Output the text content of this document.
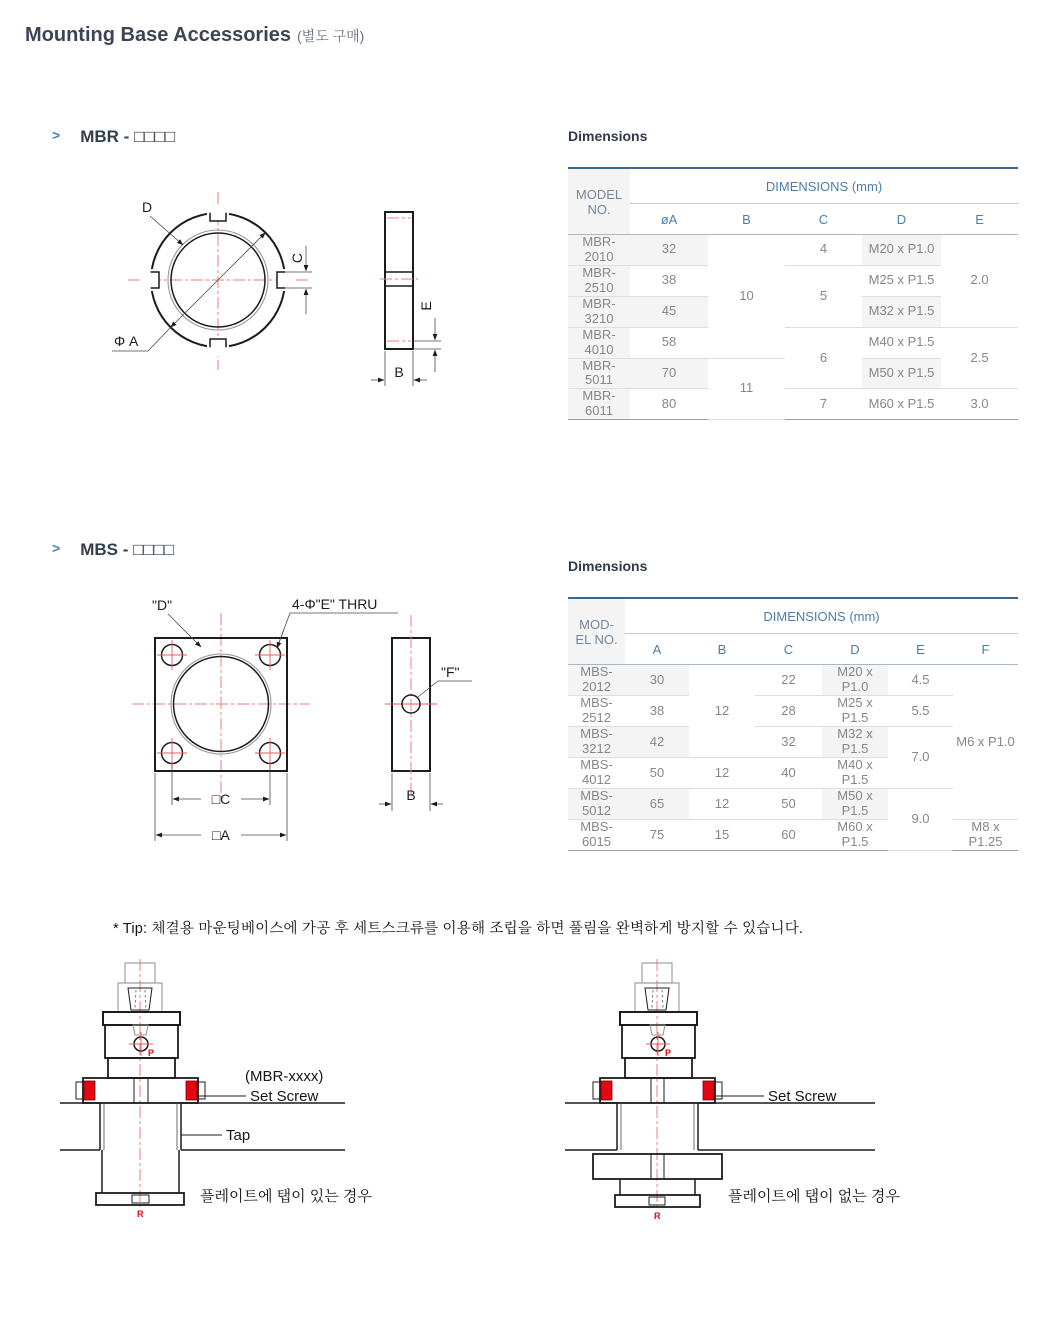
Mounting Base Accessories (별도 구매)
> MBR - □□□□
D
Φ A
C
E
B
Dimensions
MODEL NO.	DIMENSIONS (mm)				
	øA	B	C	D	E
MBR-2010	32	10	4	M20 x P1.0	2.0
MBR-2510	38		5	M25 x P1.5	
MBR-3210	45			M32 x P1.5	
MBR-4010	58		6	M40 x P1.5	2.5
MBR-5011	70	11		M50 x P1.5	
MBR-6011	80		7	M60 x P1.5	3.0
> MBS - □□□□
"D"	4-Φ"E" THRU
□C
□A
"F"
B
Dimensions
MOD- EL NO.	DIMENSIONS (mm)					
	A	B	C	D	E	F
MBS-2012	30	12	22	M20 x P1.0	4.5	M6 x P1.0
MBS-2512	38		28	M25 x P1.5	5.5	
MBS-3212	42		32	M32 x P1.5	7.0	
MBS-4012	50	12	40	M40 x P1.5		
MBS-5012	65	12	50	M50 x P1.5	9.0	
MBS-6015	75	15	60	M60 x P1.5		M8 x P1.25
* Tip: 체결용 마운팅베이스에 가공 후 세트스크류를 이용해 조립을 하면 풀림을 완벽하게 방지할 수 있습니다.
P
R
(MBR-xxxx)
Set Screw
Tap
플레이트에 탭이 있는 경우
P
R
Set Screw
플레이트에 탭이 없는 경우
